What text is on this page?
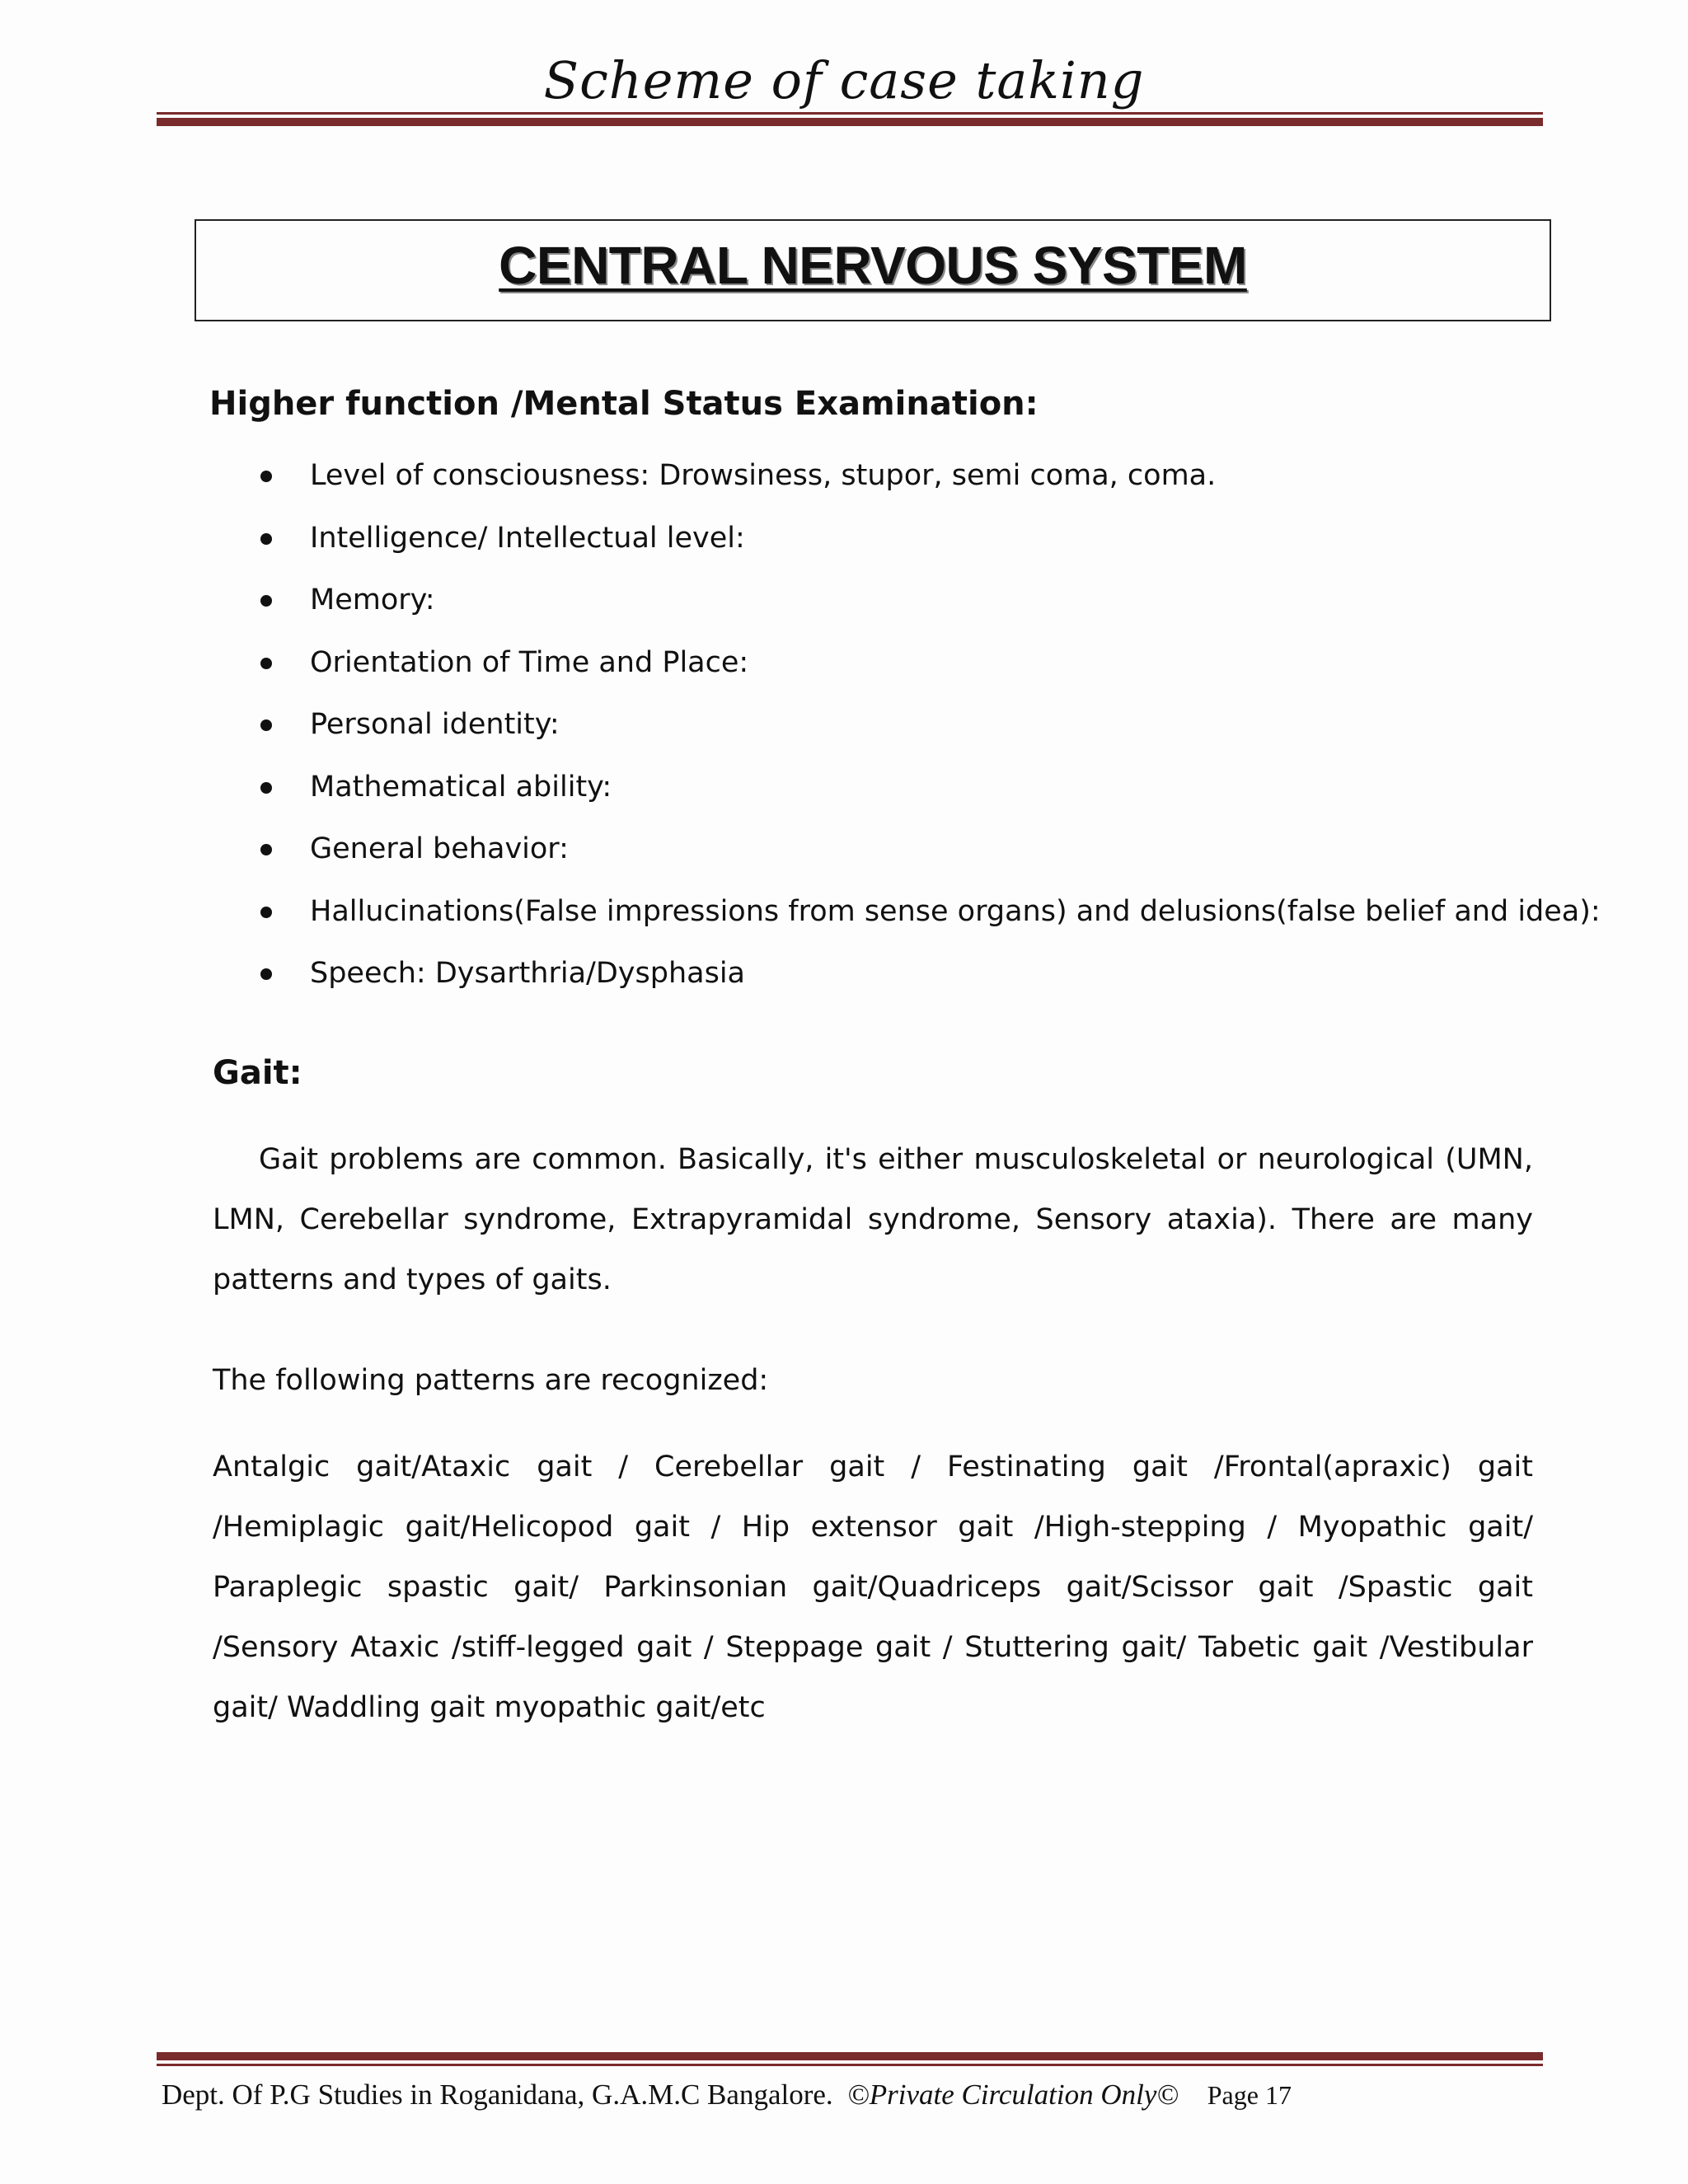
Scheme of case taking
CENTRAL NERVOUS SYSTEM
Higher function /Mental Status Examination:
Level of consciousness: Drowsiness, stupor, semi coma, coma.
Intelligence/ Intellectual level:
Memory:
Orientation of Time and Place:
Personal identity:
Mathematical ability:
General behavior:
Hallucinations(False impressions from sense organs) and delusions(false belief and idea):
Speech: Dysarthria/Dysphasia
Gait:

Gait problems are common. Basically, it's either musculoskeletal or neurological (UMN, LMN, Cerebellar syndrome, Extrapyramidal syndrome, Sensory ataxia). There are many patterns and types of gaits.

The following patterns are recognized:

Antalgic gait/Ataxic gait / Cerebellar gait / Festinating gait /Frontal(apraxic) gait /Hemiplagic gait/Helicopod gait / Hip extensor gait /High-stepping / Myopathic gait/ Paraplegic spastic gait/ Parkinsonian gait/Quadriceps gait/Scissor gait /Spastic gait /Sensory Ataxic /stiff-legged gait / Steppage gait / Stuttering gait/ Tabetic gait /Vestibular gait/ Waddling gait myopathic gait/etc

Dept. Of P.G Studies in Roganidana, G.A.M.C Bangalore. ©Private Circulation Only© Page 17
